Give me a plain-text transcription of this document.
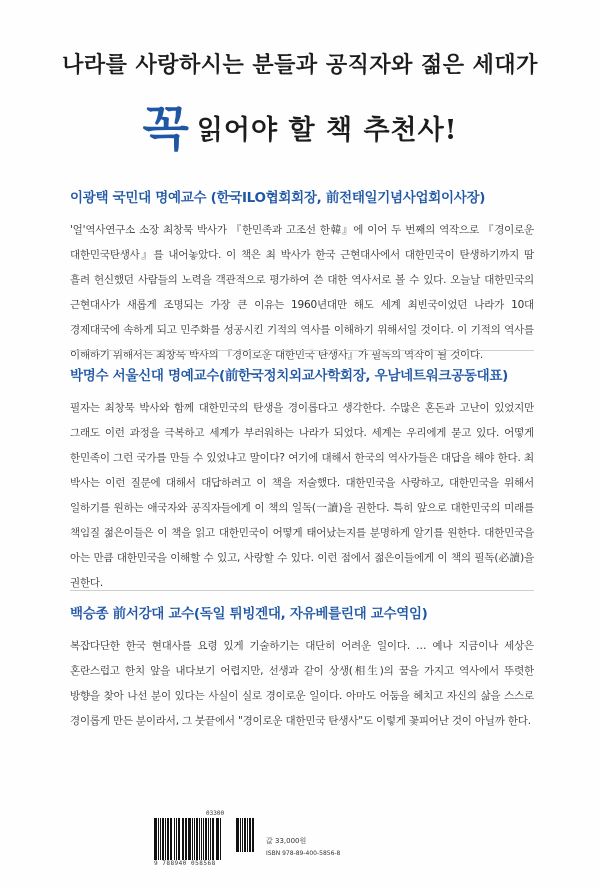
나라를 사랑하시는 분들과 공직자와 젊은 세대가
꼭읽어야 할 책 추천사!
이광택 국민대 명예교수 (한국ILO협회회장, 前전태일기념사업회이사장)

'얼'역사연구소 소장 최창묵 박사가 『한민족과 고조선 한韓』에 이어 두 번째의 역작으로 『경이로운 대한민국탄생사』를 내어놓았다. 이 책은 최 박사가 한국 근현대사에서 대한민국이 탄생하기까지 땀 흘려 헌신했던 사람들의 노력을 객관적으로 평가하여 쓴 대한 역사서로 볼 수 있다. 오늘날 대한민국의 근현대사가 새롭게 조명되는 가장 큰 이유는 1960년대만 해도 세계 최빈국이었던 나라가 10대 경제대국에 속하게 되고 민주화를 성공시킨 기적의 역사를 이해하기 위해서일 것이다. 이 기적의 역사를 이해하기 위해서는 최창묵 박사의 『경이로운 대한민국 탄생사』가 필독의 역작이 될 것이다.

박명수 서울신대 명예교수(前한국정치외교사학회장, 우남네트워크공동대표)

필자는 최창묵 박사와 함께 대한민국의 탄생을 경이롭다고 생각한다. 수많은 혼돈과 고난이 있었지만 그래도 이런 과정을 극복하고 세계가 부러워하는 나라가 되었다. 세계는 우리에게 묻고 있다. 어떻게 한민족이 그런 국가를 만들 수 있었냐고 말이다? 여기에 대해서 한국의 역사가들은 대답을 해야 한다. 최 박사는 이런 질문에 대해서 대답하려고 이 책을 저술했다. 대한민국을 사랑하고, 대한민국을 위해서 일하기를 원하는 애국자와 공직자들에게 이 책의 일독(一讀)을 권한다. 특히 앞으로 대한민국의 미래를 책임질 젊은이들은 이 책을 읽고 대한민국이 어떻게 태어났는지를 분명하게 알기를 원한다. 대한민국을 아는 만큼 대한민국을 이해할 수 있고, 사랑할 수 있다. 이런 점에서 젊은이들에게 이 책의 필독(必讀)을 권한다.

백승종 前서강대 교수(독일 튀빙겐대, 자유베를린대 교수역임)

복잡다단한 한국 현대사를 요령 있게 기술하기는 대단히 어려운 일이다. … 예나 지금이나 세상은 혼란스럽고 한치 앞을 내다보기 어렵지만, 선생과 같이 상생(相生)의 꿈을 가지고 역사에서 뚜렷한 방향을 찾아 나선 분이 있다는 사실이 실로 경이로운 일이다. 아마도 어둠을 헤치고 자신의 삶을 스스로 경이롭게 만든 분이라서, 그 붓끝에서 "경이로운 대한민국 탄생사"도 이렇게 꽃피어난 것이 아닐까 한다.

03300
9 788940 058568
값 33,000원
ISBN 978-89-400-5856-8
